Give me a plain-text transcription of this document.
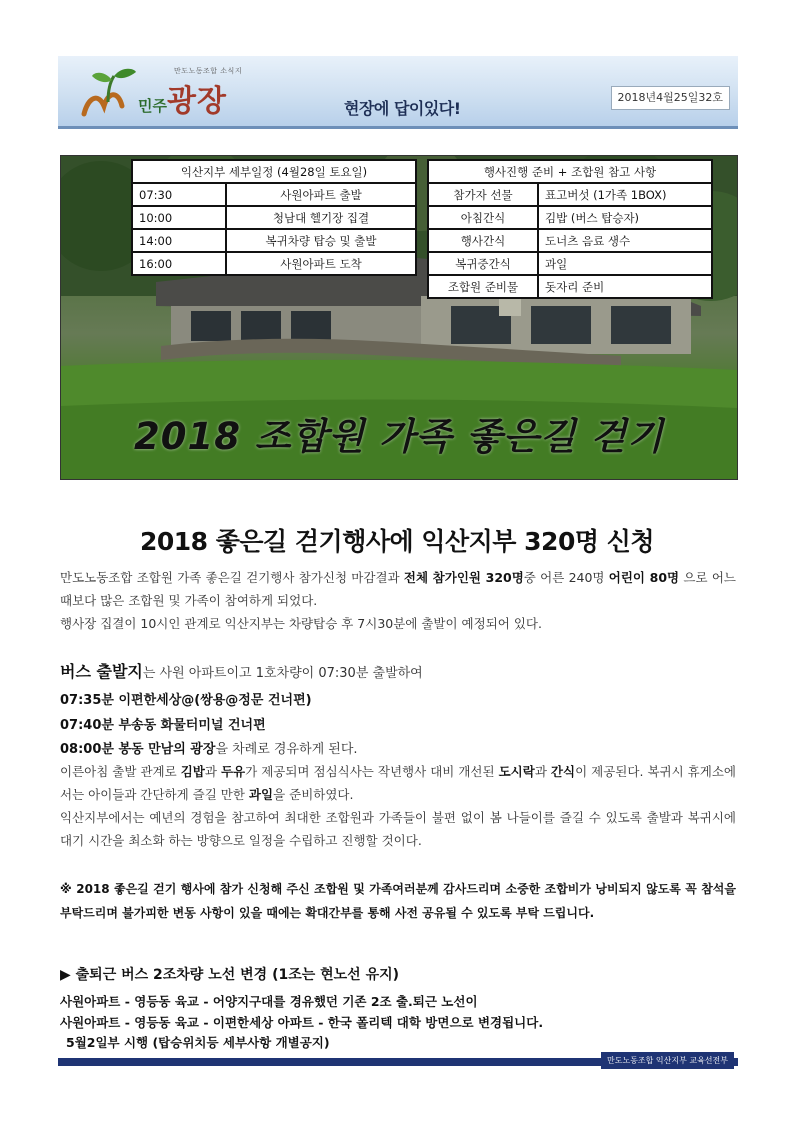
만도노동조합 소식지
민주광장	현장에 답이있다!
2018년4월25일32호
익산지부 세부일정 (4월28일 토요일)	
07:30	사원아파트 출발
10:00	청남대 헬기장 집결
14:00	복귀차량 탑승 및 출발
16:00	사원아파트 도착
행사진행 준비 + 조합원 참고 사항	
참가자 선물	표고버섯 (1가족 1BOX)
아침간식	김밥 (버스 탑승자)
행사간식	도너츠 음료 생수
복귀중간식	과일
조합원 준비물	돗자리 준비
2018 조합원 가족 좋은길 걷기
2018 좋은길 걷기행사에 익산지부 320명 신청
만도노동조합 조합원 가족 좋은길 걷기행사 참가신청 마감결과 전체 참가인원 320명중 어른 240명 어린이 80명 으로 어느 때보다 많은 조합원 및 가족이 참여하게 되었다.
행사장 집결이 10시인 관계로 익산지부는 차량탑승 후 7시30분에 출발이 예정되어 있다.
버스 출발지는 사원 아파트이고 1호차량이 07:30분 출발하여
07:35분 이편한세상@(쌍용@정문 건너편)
07:40분 부송동 화물터미널 건너편
08:00분 봉동 만남의 광장을 차례로 경유하게 된다.
이른아침 출발 관계로 김밥과 두유가 제공되며 점심식사는 작년행사 대비 개선된 도시락과 간식이 제공된다. 복귀시 휴게소에서는 아이들과 간단하게 즐길 만한 과일을 준비하였다.
익산지부에서는 예년의 경험을 참고하여 최대한 조합원과 가족들이 불편 없이 봄 나들이를 즐길 수 있도록 출발과 복귀시에 대기 시간을 최소화 하는 방향으로 일정을 수립하고 진행할 것이다.
※ 2018 좋은길 걷기 행사에 참가 신청해 주신 조합원 및 가족여러분께 감사드리며 소중한 조합비가 낭비되지 않도록 꼭 참석을 부탁드리며 불가피한 변동 사항이 있을 때에는 확대간부를 통해 사전 공유될 수 있도록 부탁 드립니다.
▶ 출퇴근 버스 2조차량 노선 변경 (1조는 현노선 유지)
사원아파트 - 영등동 육교 - 어양지구대를 경유했던 기존 2조 출.퇴근 노선이
사원아파트 - 영등동 육교 - 이편한세상 아파트 - 한국 폴리텍 대학 방면으로 변경됩니다.
5월2일부 시행 (탑승위치등 세부사항 개별공지)
만도노동조합 익산지부 교육선전부
